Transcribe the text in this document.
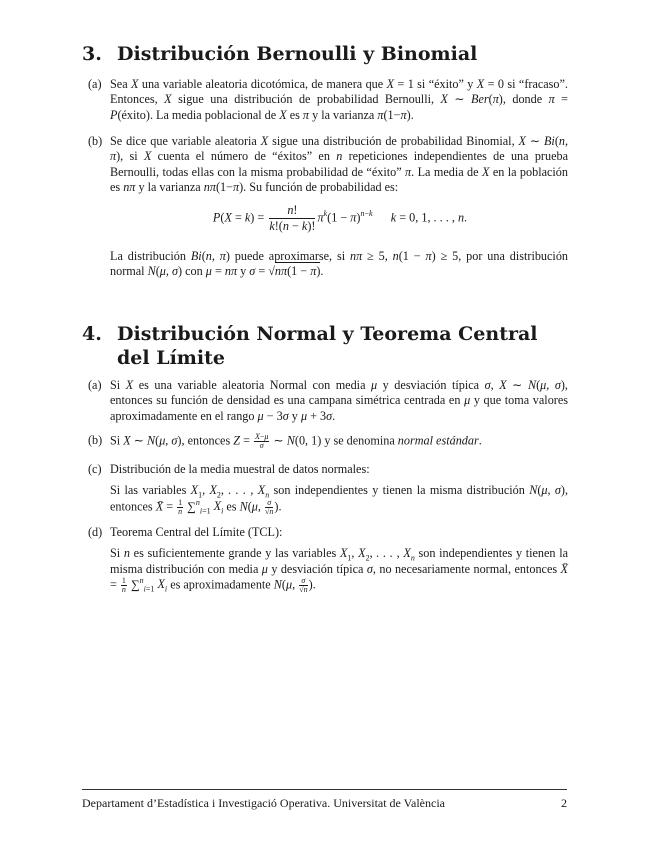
3. Distribución Bernoulli y Binomial
(a) Sea X una variable aleatoria dicotómica, de manera que X = 1 si “éxito” y X = 0 si “fracaso”. Entonces, X sigue una distribución de probabilidad Bernoulli, X ∼ Ber(π), donde π = P(éxito). La media poblacional de X es π y la varianza π(1−π).

(b) Se dice que variable aleatoria X sigue una distribución de probabilidad Binomial, X ∼ Bi(n, π), si X cuenta el número de “éxitos” en n repeticiones independientes de una prueba Bernoulli, todas ellas con la misma probabilidad de “éxito” π. La media de X en la población es nπ y la varianza nπ(1−π). Su función de probabilidad es:

$P(X = k) = \frac{n!}{k!(n - k)!} \pi^k(1 - \pi)^{n-k}$ k = 0, 1, . . . , n.

La distribución Bi(n, π) puede aproximarse, si nπ ≥ 5, n(1 − π) ≥ 5, por una distribución normal N(μ, σ) con μ = nπ y σ = √nπ(1 − π).

4. Distribución Normal y Teorema Central del Límite
(a) Si X es una variable aleatoria Normal con media μ y desviación típica σ, X ∼ N(μ, σ), entonces su función de densidad es una campana simétrica centrada en μ y que toma valores aproximadamente en el rango μ − 3σ y μ + 3σ.

(b) Si X ∼ N(μ, σ), entonces $Z = \frac{X-\mu}{\sigma}$ ∼ N(0, 1) y se denomina normal estándar.

(c) Distribución de la media muestral de datos normales:

Si las variables $X_1$, $X_2$, . . . , $X_n$ son independientes y tienen la misma distribución N(μ, σ), entonces X̄ = $\frac{1}{n} \sum^n_{i=1}$ $X_i$ es N(μ, $\frac{\sigma}{√n}$ ).

(d) Teorema Central del Límite (TCL):

Si n es suficientemente grande y las variables $X_1$, $X_2$, . . . , $X_n$ son independientes y tienen la misma distribución con media μ y desviación típica σ, no necesariamente normal, entonces X̄ = $\frac{1}{n} \sum^n_{i=1}$ $X_i$ es aproximadamente N(μ, $\frac{\sigma}{√n}$ ).

Departament d’Estadística i Investigació Operativa. Universitat de València	2
